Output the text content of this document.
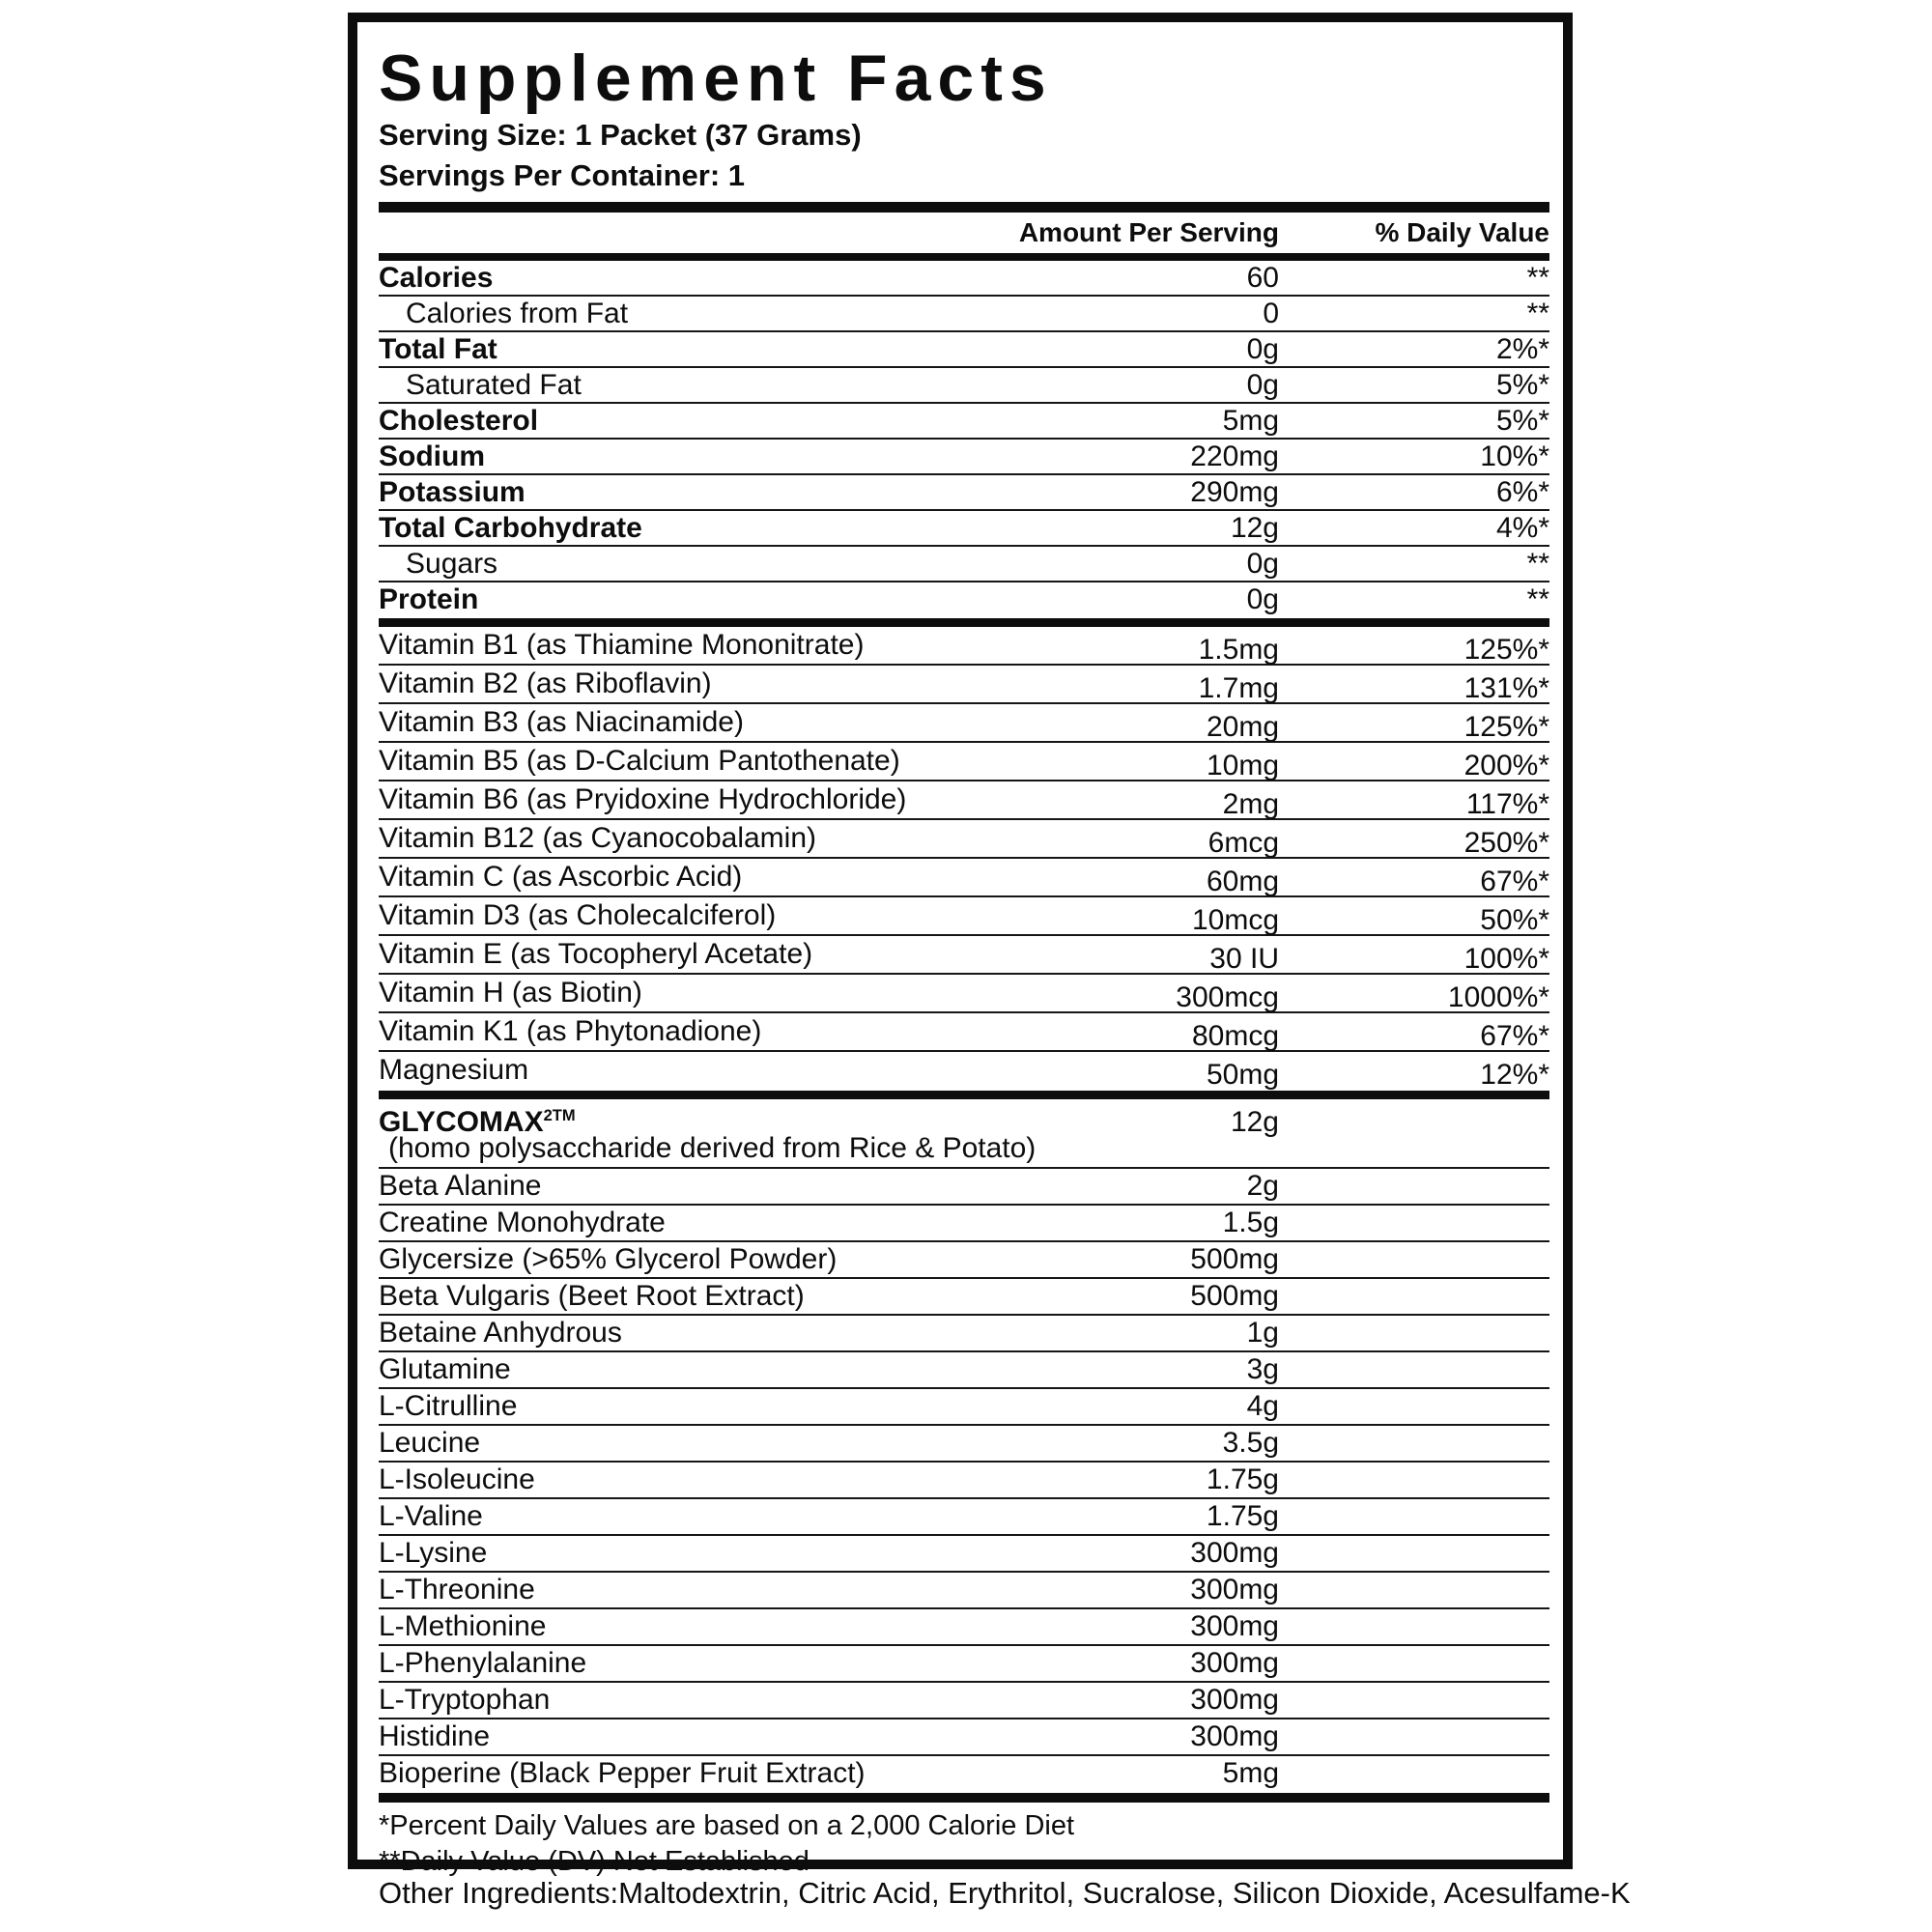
Supplement Facts
Serving Size: 1 Packet (37 Grams)
Servings Per Container: 1
Amount Per Serving	% Daily Value
Calories	60	**
Calories from Fat	0	**
Total Fat	0g	2%*
Saturated Fat	0g	5%*
Cholesterol	5mg	5%*
Sodium	220mg	10%*
Potassium	290mg	6%*
Total Carbohydrate	12g	4%*
Sugars	0g	**
Protein	0g	**
Vitamin B1 (as Thiamine Mononitrate)	1.5mg	125%*
Vitamin B2 (as Riboflavin)	1.7mg	131%*
Vitamin B3 (as Niacinamide)	20mg	125%*
Vitamin B5 (as D-Calcium Pantothenate)	10mg	200%*
Vitamin B6 (as Pryidoxine Hydrochloride)	2mg	117%*
Vitamin B12 (as Cyanocobalamin)	6mcg	250%*
Vitamin C (as Ascorbic Acid)	60mg	67%*
Vitamin D3 (as Cholecalciferol)	10mcg	50%*
Vitamin E (as Tocopheryl Acetate)	30 IU	100%*
Vitamin H (as Biotin)	300mcg	1000%*
Vitamin K1 (as Phytonadione)	80mcg	67%*
Magnesium	50mg	12%*
$GLYCOMAX^{2TM}$	12g
(homo polysaccharide derived from Rice & Potato)
Beta Alanine	2g
Creatine Monohydrate	1.5g
Glycersize (>65% Glycerol Powder)	500mg
Beta Vulgaris (Beet Root Extract)	500mg
Betaine Anhydrous	1g
Glutamine	3g
L-Citrulline	4g
Leucine	3.5g
L-Isoleucine	1.75g
L-Valine	1.75g
L-Lysine	300mg
L-Threonine	300mg
L-Methionine	300mg
L-Phenylalanine	300mg
L-Tryptophan	300mg
Histidine	300mg
Bioperine (Black Pepper Fruit Extract)	5mg
*Percent Daily Values are based on a 2,000 Calorie Diet
**Daily Value (DV) Not Established
Other Ingredients:Maltodextrin, Citric Acid, Erythritol, Sucralose, Silicon Dioxide, Acesulfame-K
